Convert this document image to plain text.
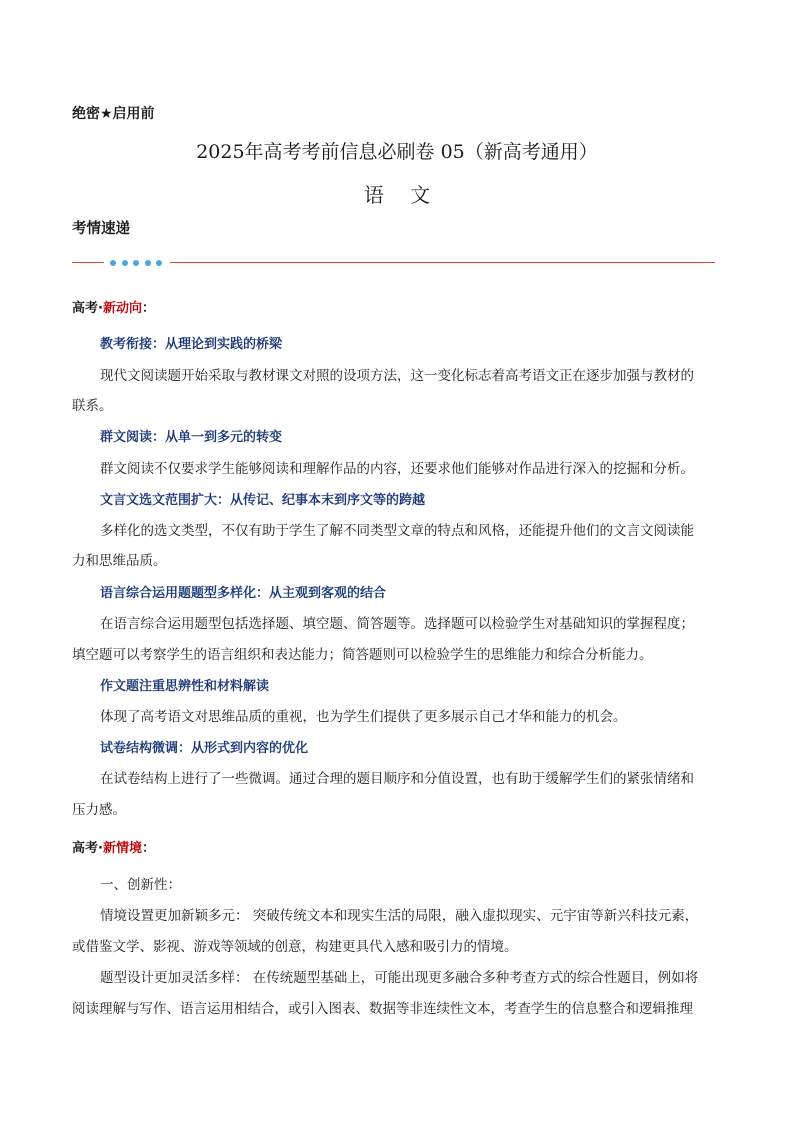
绝密★启用前
2025年高考考前信息必刷卷 05（新高考通用）
语 文
考情速递
高考·新动向：
教考衔接：从理论到实践的桥梁
现代文阅读题开始采取与教材课文对照的设项方法，这一变化标志着高考语文正在逐步加强与教材的
联系。
群文阅读：从单一到多元的转变
群文阅读不仅要求学生能够阅读和理解作品的内容，还要求他们能够对作品进行深入的挖掘和分析。
文言文选文范围扩大：从传记、纪事本末到序文等的跨越
多样化的选文类型，不仅有助于学生了解不同类型文章的特点和风格，还能提升他们的文言文阅读能
力和思维品质。
语言综合运用题题型多样化：从主观到客观的结合
在语言综合运用题型包括选择题、填空题、简答题等。选择题可以检验学生对基础知识的掌握程度；
填空题可以考察学生的语言组织和表达能力；简答题则可以检验学生的思维能力和综合分析能力。
作文题注重思辨性和材料解读
体现了高考语文对思维品质的重视，也为学生们提供了更多展示自己才华和能力的机会。
试卷结构微调：从形式到内容的优化
在试卷结构上进行了一些微调。通过合理的题目顺序和分值设置，也有助于缓解学生们的紧张情绪和
压力感。
高考·新情境：
一、创新性：
情境设置更加新颖多元： 突破传统文本和现实生活的局限，融入虚拟现实、元宇宙等新兴科技元素，
或借鉴文学、影视、游戏等领域的创意，构建更具代入感和吸引力的情境。
题型设计更加灵活多样： 在传统题型基础上，可能出现更多融合多种考查方式的综合性题目，例如将
阅读理解与写作、语言运用相结合，或引入图表、数据等非连续性文本，考查学生的信息整合和逻辑推理
